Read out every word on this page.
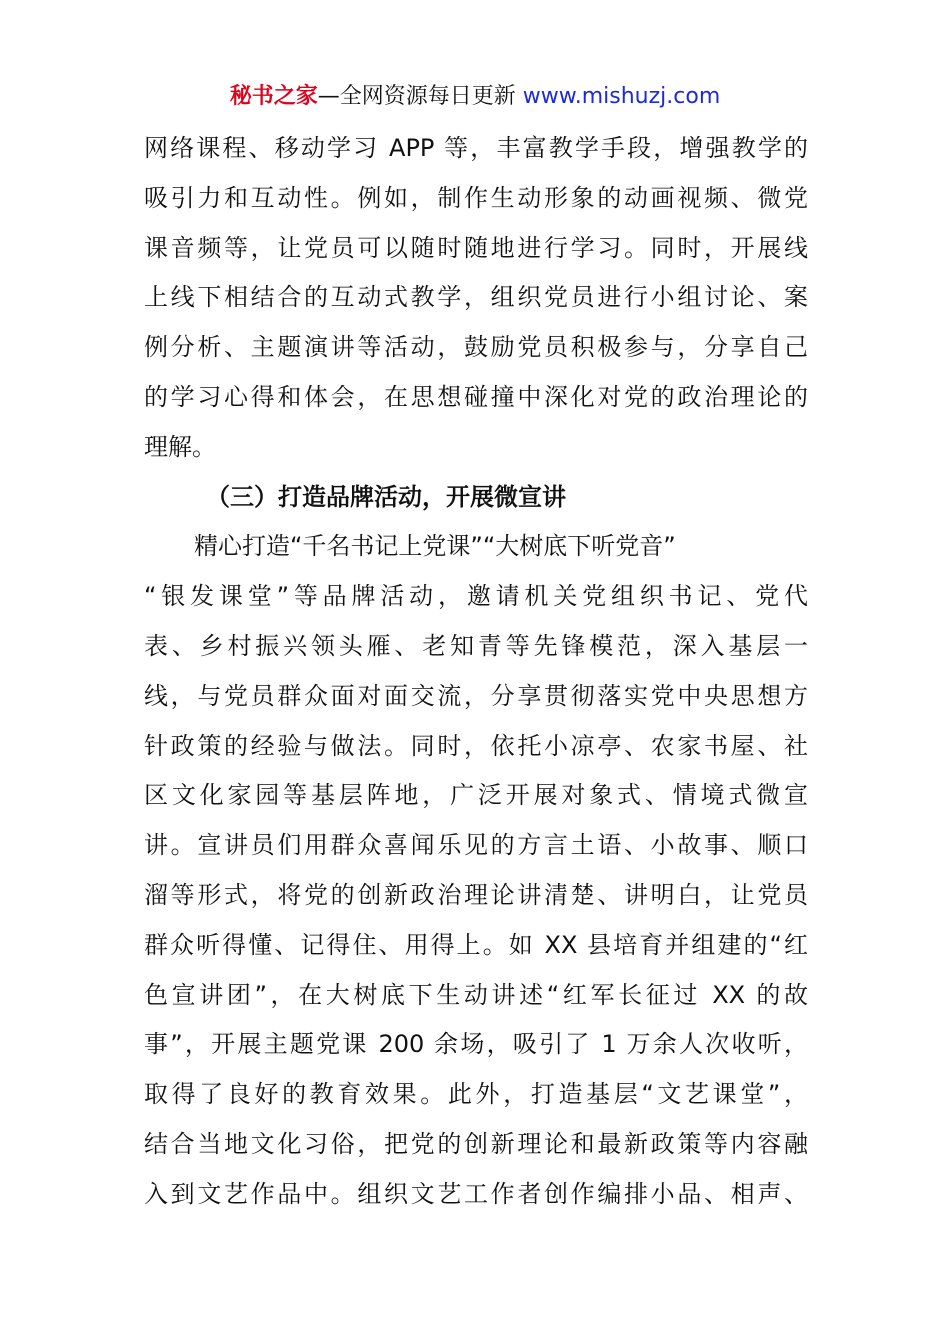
秘书之家—全网资源每日更新 www.mishuzj.com
网络课程、移动学习 APP 等，丰富教学手段，增强教学的
吸引力和互动性。例如，制作生动形象的动画视频、微党
课音频等，让党员可以随时随地进行学习。同时，开展线
上线下相结合的互动式教学，组织党员进行小组讨论、案
例分析、主题演讲等活动，鼓励党员积极参与，分享自己
的学习心得和体会，在思想碰撞中深化对党的政治理论的
理解。
（三）打造品牌活动，开展微宣讲
精心打造“千名书记上党课”“大树底下听党音”
“银发课堂”等品牌活动，邀请机关党组织书记、党代
表、乡村振兴领头雁、老知青等先锋模范，深入基层一
线，与党员群众面对面交流，分享贯彻落实党中央思想方
针政策的经验与做法。同时，依托小凉亭、农家书屋、社
区文化家园等基层阵地，广泛开展对象式、情境式微宣
讲。宣讲员们用群众喜闻乐见的方言土语、小故事、顺口
溜等形式，将党的创新政治理论讲清楚、讲明白，让党员
群众听得懂、记得住、用得上。如 XX 县培育并组建的“红
色宣讲团”，在大树底下生动讲述“红军长征过 XX 的故
事”，开展主题党课 200 余场，吸引了 1 万余人次收听，
取得了良好的教育效果。此外，打造基层“文艺课堂”，
结合当地文化习俗，把党的创新理论和最新政策等内容融
入到文艺作品中。组织文艺工作者创作编排小品、相声、
